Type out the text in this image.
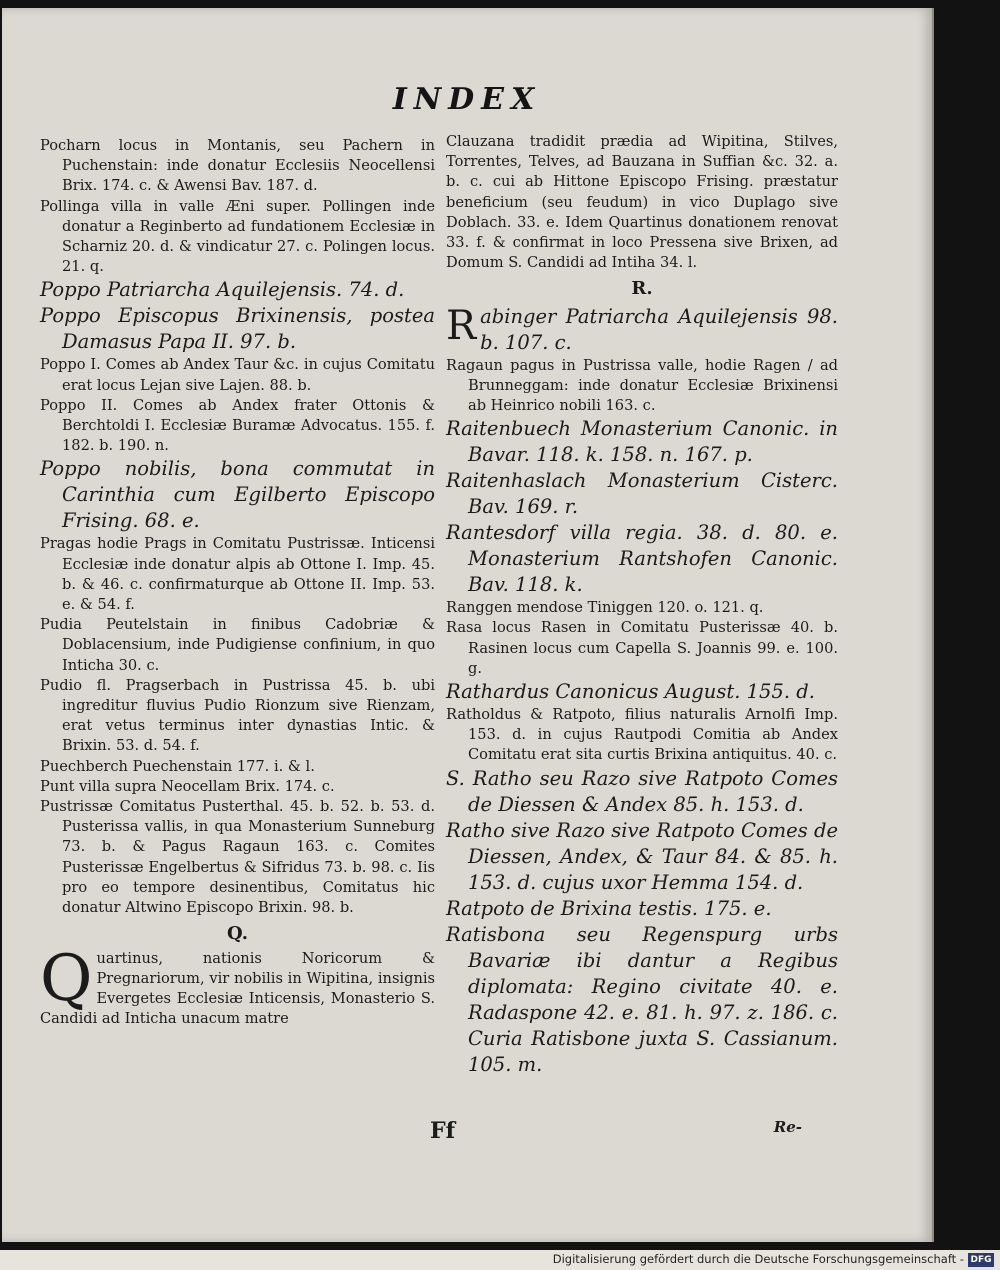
INDEX

Pocharn locus in Montanis, seu Pachern in Puchenstain: inde donatur Ecclesiis Neocellensi Brix. 174. c. & Awensi Bav. 187. d.

Pollinga villa in valle Æni super. Pollingen inde donatur a Reginberto ad fundationem Ecclesiæ in Scharniz 20. d. & vindicatur 27. c. Polingen locus. 21. q.

Poppo Patriarcha Aquilejensis. 74. d.

Poppo Episcopus Brixinensis, postea Damasus Papa II. 97. b.

Poppo I. Comes ab Andex Taur &c. in cujus Comitatu erat locus Lejan sive Lajen. 88. b.

Poppo II. Comes ab Andex frater Ottonis & Berchtoldi I. Ecclesiæ Buramæ Advocatus. 155. f. 182. b. 190. n.

Poppo nobilis, bona commutat in Carinthia cum Egilberto Episcopo Frising. 68. e.

Pragas hodie Prags in Comitatu Pustrissæ. Inticensi Ecclesiæ inde donatur alpis ab Ottone I. Imp. 45. b. & 46. c. confirmaturque ab Ottone II. Imp. 53. e. & 54. f.

Pudia Peutelstain in finibus Cadobriæ & Doblacensium, inde Pudigiense confinium, in quo Inticha 30. c.

Pudio fl. Pragserbach in Pustrissa 45. b. ubi ingreditur fluvius Pudio Rionzum sive Rienzam, erat vetus terminus inter dynastias Intic. & Brixin. 53. d. 54. f.

Puechberch Puechenstain 177. i. & l.

Punt villa supra Neocellam Brix. 174. c.

Pustrissæ Comitatus Pusterthal. 45. b. 52. b. 53. d. Pusterissa vallis, in qua Monasterium Sunneburg 73. b. & Pagus Ragaun 163. c. Comites Pusterissæ Engelbertus & Sifridus 73. b. 98. c. Iis pro eo tempore desinentibus, Comitatus hic donatur Altwino Episcopo Brixin. 98. b.

Q.

Quartinus, nationis Noricorum & Pregnariorum, vir nobilis in Wipitina, insignis Evergetes Ecclesiæ Inticensis, Monasterio S. Candidi ad Inticha unacum matre

Clauzana tradidit prædia ad Wipitina, Stilves, Torrentes, Telves, ad Bauzana in Suffian &c. 32. a. b. c. cui ab Hittone Episcopo Frising. præstatur beneficium (seu feudum) in vico Duplago sive Doblach. 33. e. Idem Quartinus donationem renovat 33. f. & confirmat in loco Pressena sive Brixen, ad Domum S. Candidi ad Intiha 34. l.

R.

Rabinger Patriarcha Aquilejensis 98. b. 107. c.

Ragaun pagus in Pustrissa valle, hodie Ragen / ad Brunneggam: inde donatur Ecclesiæ Brixinensi ab Heinrico nobili 163. c.

Raitenbuech Monasterium Canonic. in Bavar. 118. k. 158. n. 167. p.

Raitenhaslach Monasterium Cisterc. Bav. 169. r.

Rantesdorf villa regia. 38. d. 80. e. Monasterium Rantshofen Canonic. Bav. 118. k.

Ranggen mendose Tiniggen 120. o. 121. q.

Rasa locus Rasen in Comitatu Pusterissæ 40. b. Rasinen locus cum Capella S. Joannis 99. e. 100. g.

Rathardus Canonicus August. 155. d.

Ratholdus & Ratpoto, filius naturalis Arnolfi Imp. 153. d. in cujus Rautpodi Comitia ab Andex Comitatu erat sita curtis Brixina antiquitus. 40. c.

S. Ratho seu Razo sive Ratpoto Comes de Diessen & Andex 85. h. 153. d.

Ratho sive Razo sive Ratpoto Comes de Diessen, Andex, & Taur 84. & 85. h. 153. d. cujus uxor Hemma 154. d.

Ratpoto de Brixina testis. 175. e.

Ratisbona seu Regenspurg urbs Bavariæ ibi dantur a Regibus diplomata: Regino civitate 40. e. Radaspone 42. e. 81. h. 97. z. 186. c. Curia Ratisbone juxta S. Cassianum. 105. m.

Ff	Re-
Digitalisierung gefördert durch die Deutsche Forschungsgemeinschaft - DFG
